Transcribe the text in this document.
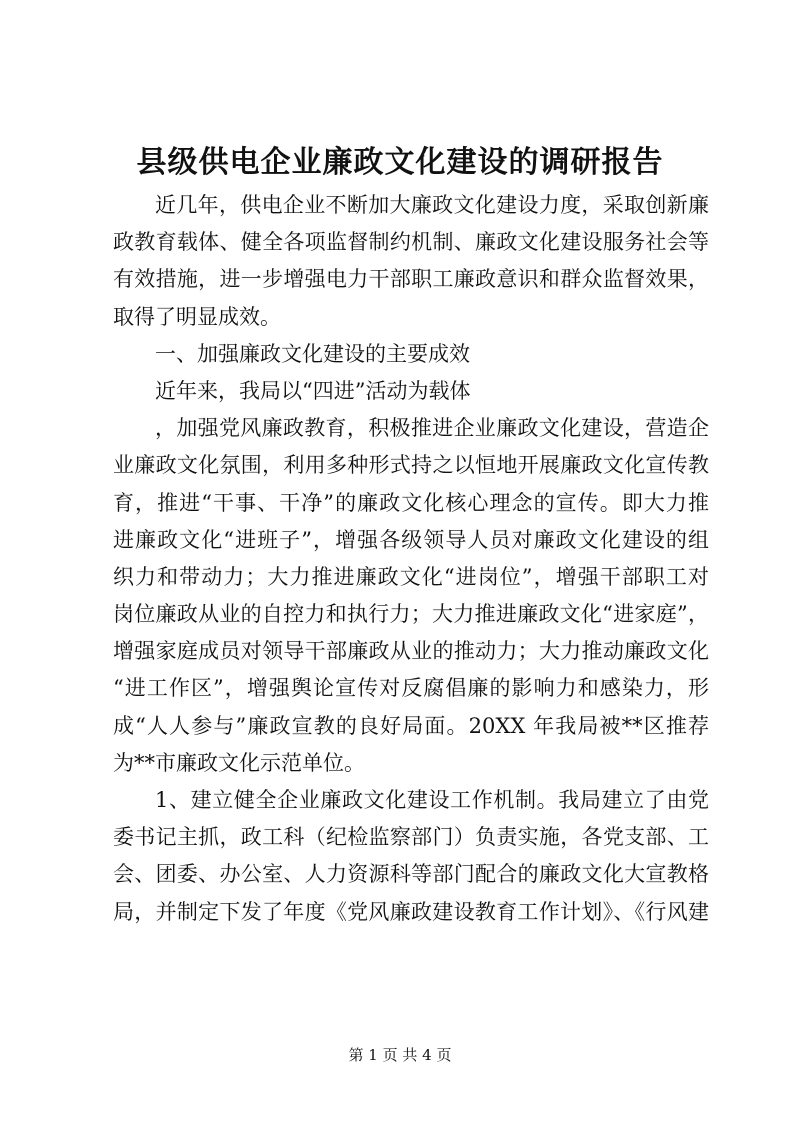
县级供电企业廉政文化建设的调研报告
近几年，供电企业不断加大廉政文化建设力度，采取创新廉
政教育载体、健全各项监督制约机制、廉政文化建设服务社会等
有效措施，进一步增强电力干部职工廉政意识和群众监督效果，
取得了明显成效。
一、加强廉政文化建设的主要成效
近年来，我局以“四进”活动为载体
，加强党风廉政教育，积极推进企业廉政文化建设，营造企
业廉政文化氛围，利用多种形式持之以恒地开展廉政文化宣传教
育，推进“干事、干净”的廉政文化核心理念的宣传。即大力推
进廉政文化“进班子”，增强各级领导人员对廉政文化建设的组
织力和带动力；大力推进廉政文化“进岗位”，增强干部职工对
岗位廉政从业的自控力和执行力；大力推进廉政文化“进家庭”，
增强家庭成员对领导干部廉政从业的推动力；大力推动廉政文化
“进工作区”，增强舆论宣传对反腐倡廉的影响力和感染力，形
成“人人参与”廉政宣教的良好局面。20XX 年我局被**区推荐
为**市廉政文化示范单位。
1、建立健全企业廉政文化建设工作机制。我局建立了由党
委书记主抓，政工科（纪检监察部门）负责实施，各党支部、工
会、团委、办公室、人力资源科等部门配合的廉政文化大宣教格
局，并制定下发了年度《党风廉政建设教育工作计划》、《行风建
第 1 页 共 4 页
